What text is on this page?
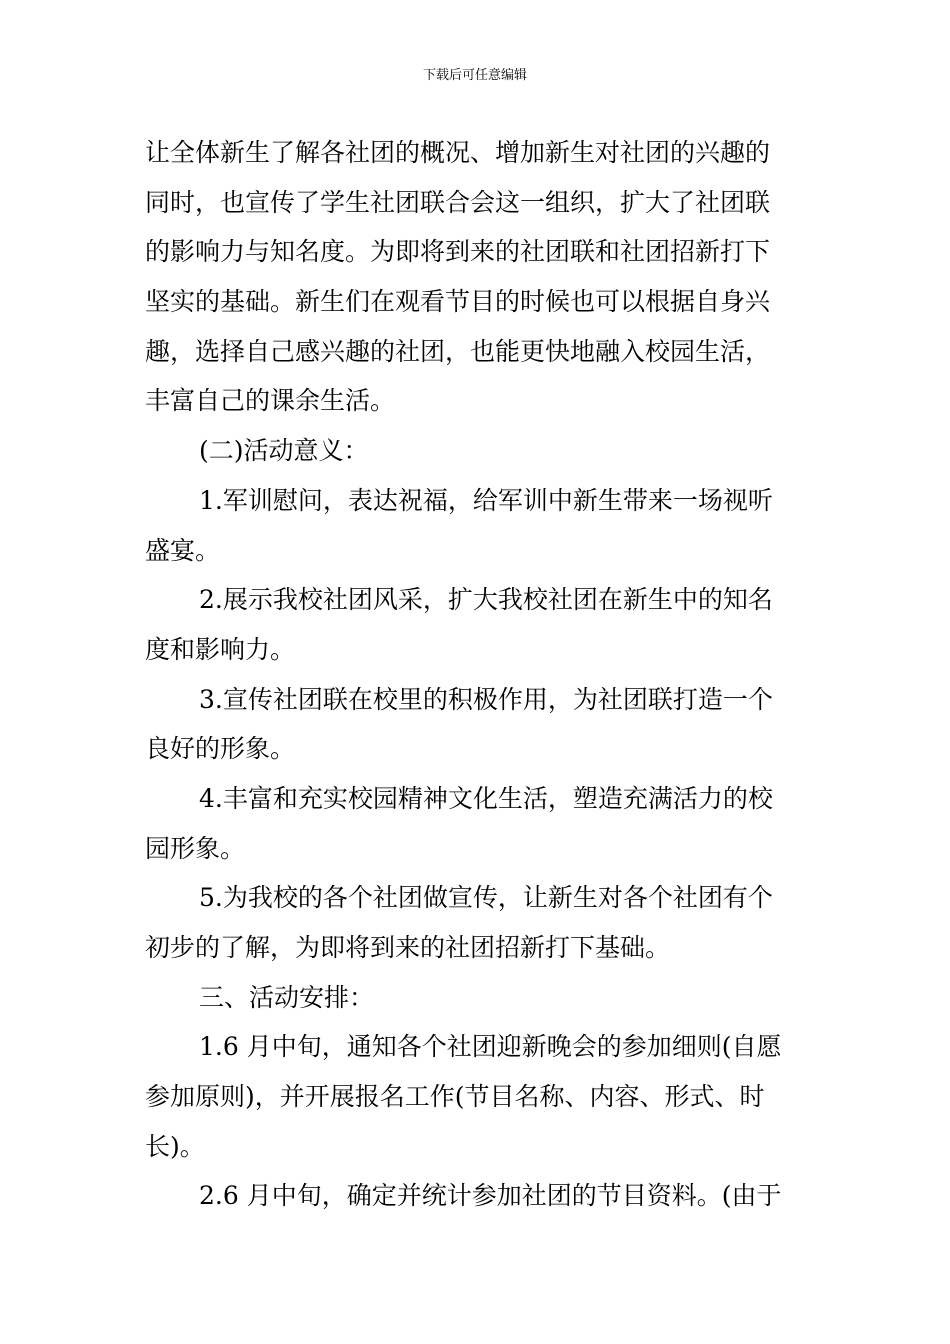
下载后可任意编辑
让全体新生了解各社团的概况、增加新生对社团的兴趣的
同时，也宣传了学生社团联合会这一组织，扩大了社团联
的影响力与知名度。为即将到来的社团联和社团招新打下
坚实的基础。新生们在观看节目的时候也可以根据自身兴
趣，选择自己感兴趣的社团，也能更快地融入校园生活，
丰富自己的课余生活。
(二)活动意义：
1.军训慰问，表达祝福，给军训中新生带来一场视听
盛宴。
2.展示我校社团风采，扩大我校社团在新生中的知名
度和影响力。
3.宣传社团联在校里的积极作用，为社团联打造一个
良好的形象。
4.丰富和充实校园精神文化生活，塑造充满活力的校
园形象。
5.为我校的各个社团做宣传，让新生对各个社团有个
初步的了解，为即将到来的社团招新打下基础。
三、活动安排：
1.6 月中旬，通知各个社团迎新晚会的参加细则(自愿
参加原则)，并开展报名工作(节目名称、内容、形式、时
长)。
2.6 月中旬，确定并统计参加社团的节目资料。(由于
